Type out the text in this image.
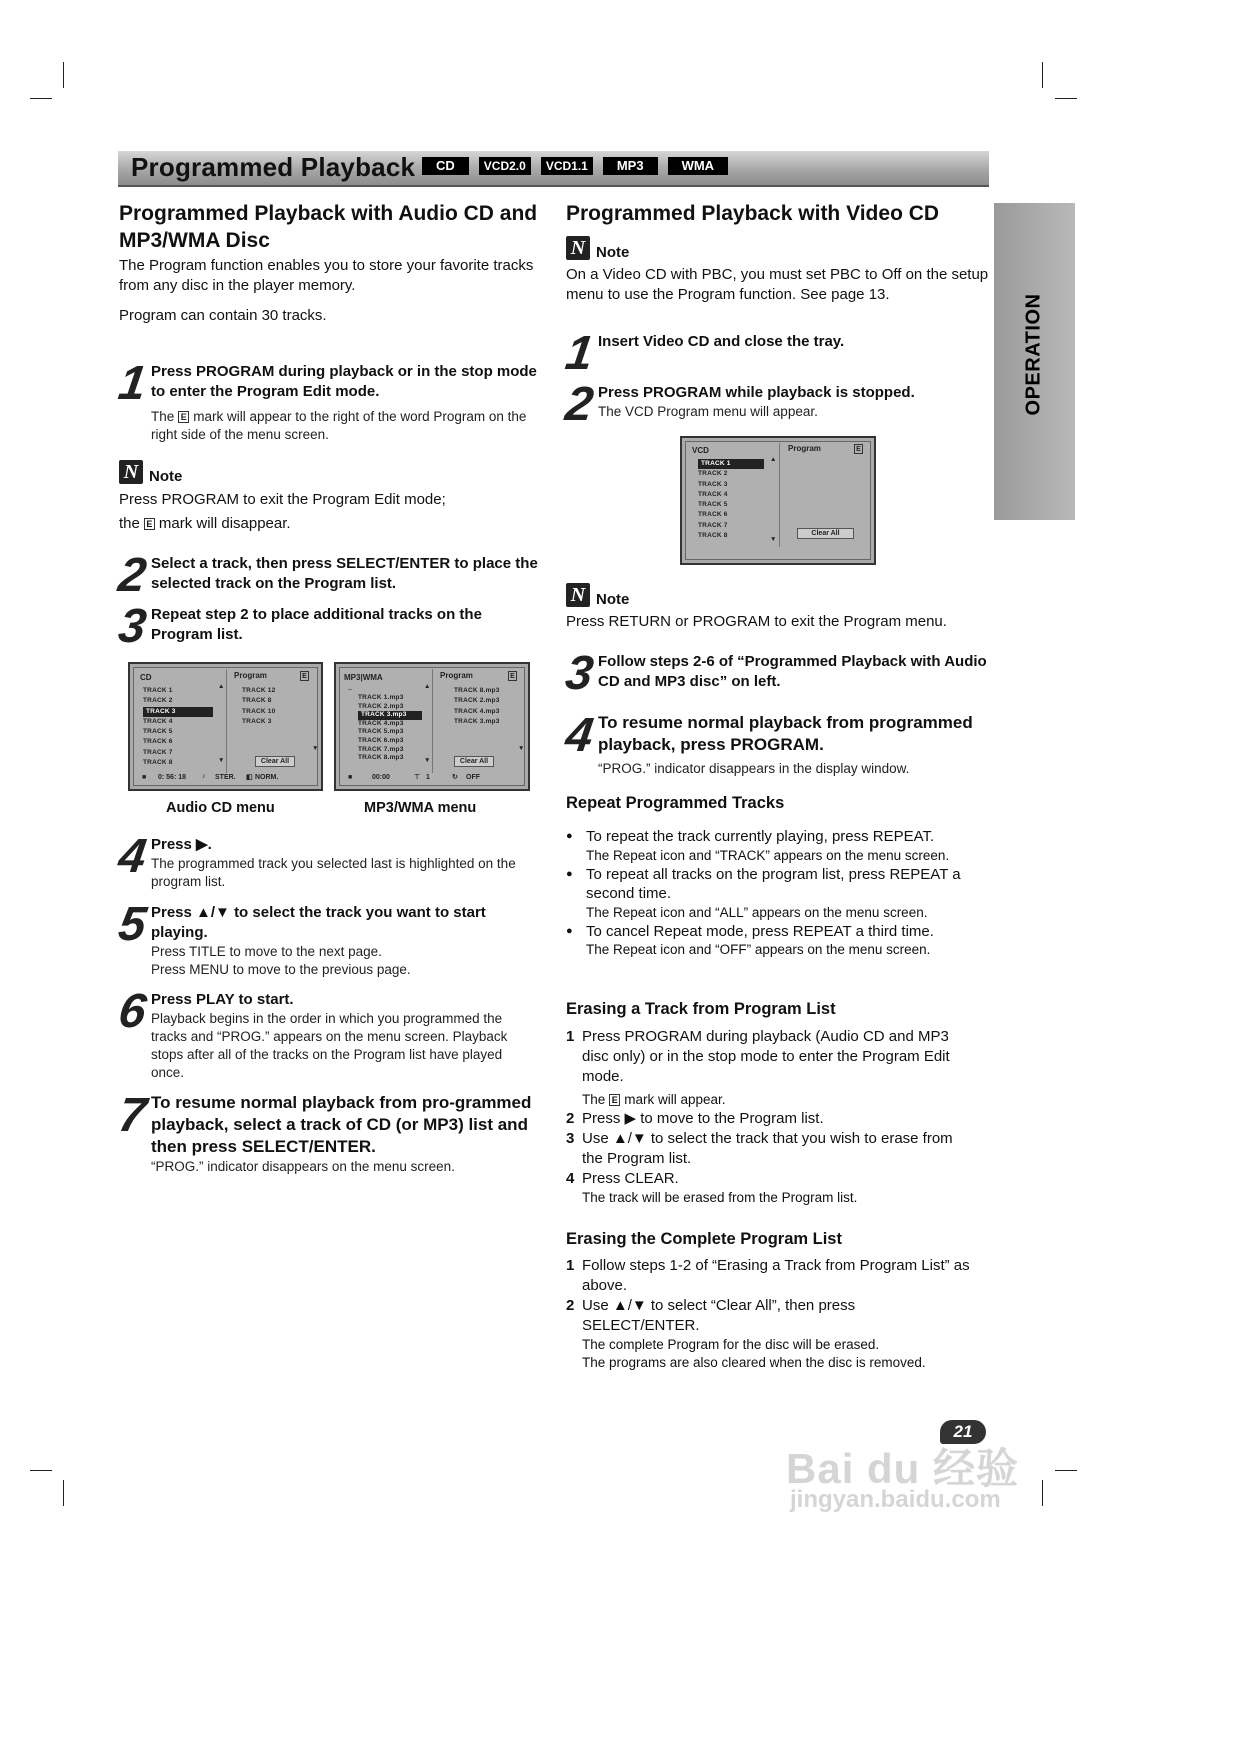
Programmed Playback	CD	VCD2.0	VCD1.1	MP3	WMA
OPERATION
Programmed Playback with Audio CD and MP3/WMA Disc

The Program function enables you to store your favorite tracks from any disc in the player memory.

Program can contain 30 tracks.

1 Press PROGRAM during playback or in the stop mode to enter the Program Edit mode.
The E mark will appear to the right of the word Program on the right side of the menu screen.
N Note

Press PROGRAM to exit the Program Edit mode;

the E mark will disappear.

2 Select a track, then press SELECT/ENTER to place the selected track on the Program list.
3 Repeat step 2 to place additional tracks on the Program list.
CD	Program	E
TRACK 1
TRACK 2
TRACK 3
TRACK 4
TRACK 5
TRACK 6
TRACK 7
TRACK 8
TRACK 12
TRACK 8
TRACK 10
TRACK 3
▲
▼
▼
Clear All
■ 0: 56: 18 ♪ STER. ◧ NORM.
MP3|WMA	Program	E
..
TRACK 1.mp3
TRACK 2.mp3
TRACK 3.mp3
TRACK 4.mp3
TRACK 5.mp3
TRACK 6.mp3
TRACK 7.mp3
TRACK 8.mp3
TRACK 8.mp3
TRACK 2.mp3
TRACK 4.mp3
TRACK 3.mp3
▲
▼
▼
Clear All
■	00:00	⊤ 1	↻ OFF
Audio CD menu	MP3/WMA menu
4 Press ▶.
The programmed track you selected last is highlighted on the program list.
5 Press ▲/▼ to select the track you want to start playing.
Press TITLE to move to the next page.
Press MENU to move to the previous page.
6 Press PLAY to start.
Playback begins in the order in which you programmed the tracks and “PROG.” appears on the menu screen. Playback stops after all of the tracks on the Program list have played once.
7 To resume normal playback from pro-grammed playback, select a track of CD (or MP3) list and then press SELECT/ENTER.
“PROG.” indicator disappears on the menu screen.
Programmed Playback with Video CD
N Note

On a Video CD with PBC, you must set PBC to Off on the setup menu to use the Program function. See page 13.

1 Insert Video CD and close the tray.
2 Press PROGRAM while playback is stopped.
The VCD Program menu will appear.
VCD	Program	E
TRACK 1
TRACK 2
TRACK 3
TRACK 4
TRACK 5
TRACK 6
TRACK 7
TRACK 8
▲
▼
Clear All
N Note

Press RETURN or PROGRAM to exit the Program menu.

3 Follow steps 2-6 of “Programmed Playback with Audio CD and MP3 disc” on left.
4 To resume normal playback from programmed playback, press PROGRAM.
“PROG.” indicator disappears in the display window.
Repeat Programmed Tracks
● To repeat the track currently playing, press REPEAT.
The Repeat icon and “TRACK” appears on the menu screen.
● To repeat all tracks on the program list, press REPEAT a second time.
The Repeat icon and “ALL” appears on the menu screen.
● To cancel Repeat mode, press REPEAT a third time.
The Repeat icon and “OFF” appears on the menu screen.
Erasing a Track from Program List
1 Press PROGRAM during playback (Audio CD and MP3 disc only) or in the stop mode to enter the Program Edit mode.
The E mark will appear.
2 Press ▶ to move to the Program list.
3 Use ▲/▼ to select the track that you wish to erase from the Program list.
4 Press CLEAR.
The track will be erased from the Program list.
Erasing the Complete Program List
1 Follow steps 1-2 of “Erasing a Track from Program List” as above.
2 Use ▲/▼ to select “Clear All”, then press SELECT/ENTER.
The complete Program for the disc will be erased.
The programs are also cleared when the disc is removed.
21
Bai du 经验
jingyan.baidu.com
